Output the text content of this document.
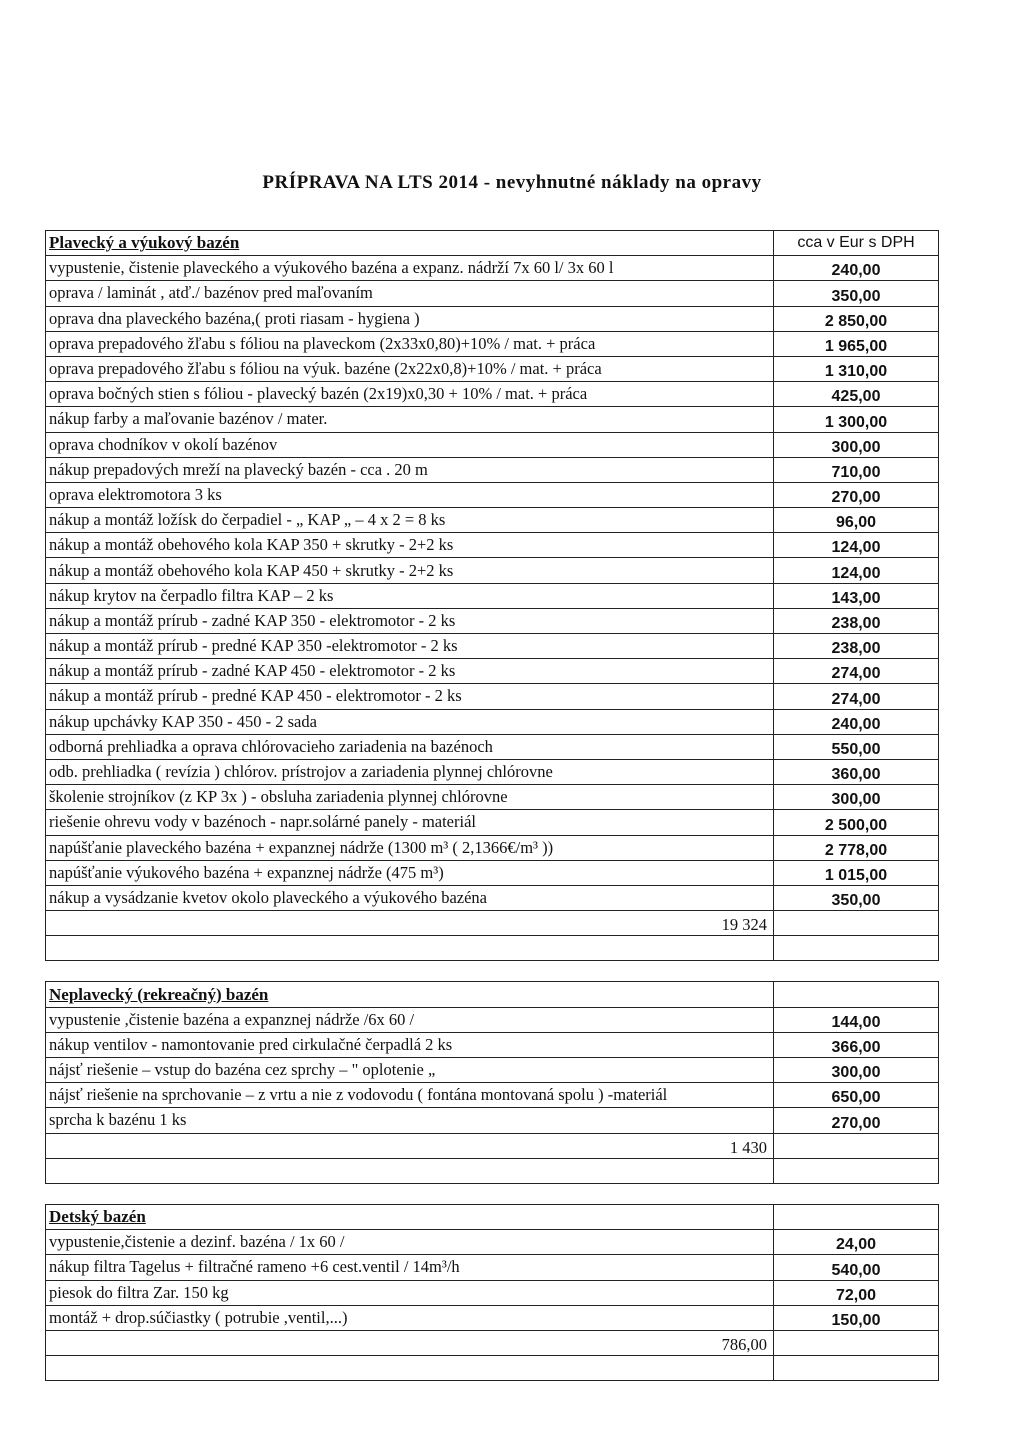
PRÍPRAVA NA LTS 2014 - nevyhnutné náklady na opravy
Plavecký a výukový bazén	cca v Eur s DPH
vypustenie, čistenie plaveckého a výukového bazéna a expanz. nádrží 7x 60 l/ 3x 60 l	240,00
oprava / laminát , atď./ bazénov pred maľovaním	350,00
oprava dna plaveckého bazéna,( proti riasam - hygiena )	2 850,00
oprava prepadového žľabu s fóliou na plaveckom (2x33x0,80)+10% / mat. + práca	1 965,00
oprava prepadového žľabu s fóliou na výuk. bazéne (2x22x0,8)+10% / mat. + práca	1 310,00
oprava bočných stien s fóliou - plavecký bazén (2x19)x0,30 + 10% / mat. + práca	425,00
nákup farby a maľovanie bazénov / mater.	1 300,00
oprava chodníkov v okolí bazénov	300,00
nákup prepadových mreží na plavecký bazén - cca . 20 m	710,00
oprava elektromotora 3 ks	270,00
nákup a montáž ložísk do čerpadiel - „ KAP „ – 4 x 2 = 8 ks	96,00
nákup a montáž obehového kola KAP 350 + skrutky - 2+2 ks	124,00
nákup a montáž obehového kola KAP 450 + skrutky - 2+2 ks	124,00
nákup krytov na čerpadlo filtra KAP – 2 ks	143,00
nákup a montáž prírub - zadné KAP 350 - elektromotor - 2 ks	238,00
nákup a montáž prírub - predné KAP 350 -elektromotor - 2 ks	238,00
nákup a montáž prírub - zadné KAP 450 - elektromotor - 2 ks	274,00
nákup a montáž prírub - predné KAP 450 - elektromotor - 2 ks	274,00
nákup upchávky KAP 350 - 450 - 2 sada	240,00
odborná prehliadka a oprava chlórovacieho zariadenia na bazénoch	550,00
odb. prehliadka ( revízia ) chlórov. prístrojov a zariadenia plynnej chlórovne	360,00
školenie strojníkov (z KP 3x ) - obsluha zariadenia plynnej chlórovne	300,00
riešenie ohrevu vody v bazénoch - napr.solárné panely - materiál	2 500,00
napúšťanie plaveckého bazéna + expanznej nádrže (1300 m³ ( 2,1366€/m³ ))	2 778,00
napúšťanie výukového bazéna + expanznej nádrže (475 m³)	1 015,00
nákup a vysádzanie kvetov okolo plaveckého a výukového bazéna	350,00
19 324	

Neplavecký (rekreačný) bazén	
vypustenie ,čistenie bazéna a expanznej nádrže /6x 60 /	144,00
nákup ventilov - namontovanie pred cirkulačné čerpadlá 2 ks	366,00
nájsť riešenie – vstup do bazéna cez sprchy – " oplotenie „	300,00
nájsť riešenie na sprchovanie – z vrtu a nie z vodovodu ( fontána montovaná spolu ) -materiál	650,00
sprcha k bazénu 1 ks	270,00
1 430	

Detský bazén	
vypustenie,čistenie a dezinf. bazéna / 1x 60 /	24,00
nákup filtra Tagelus + filtračné rameno +6 cest.ventil / 14m³/h	540,00
piesok do filtra Zar. 150 kg	72,00
montáž + drop.súčiastky ( potrubie ,ventil,...)	150,00
786,00	
